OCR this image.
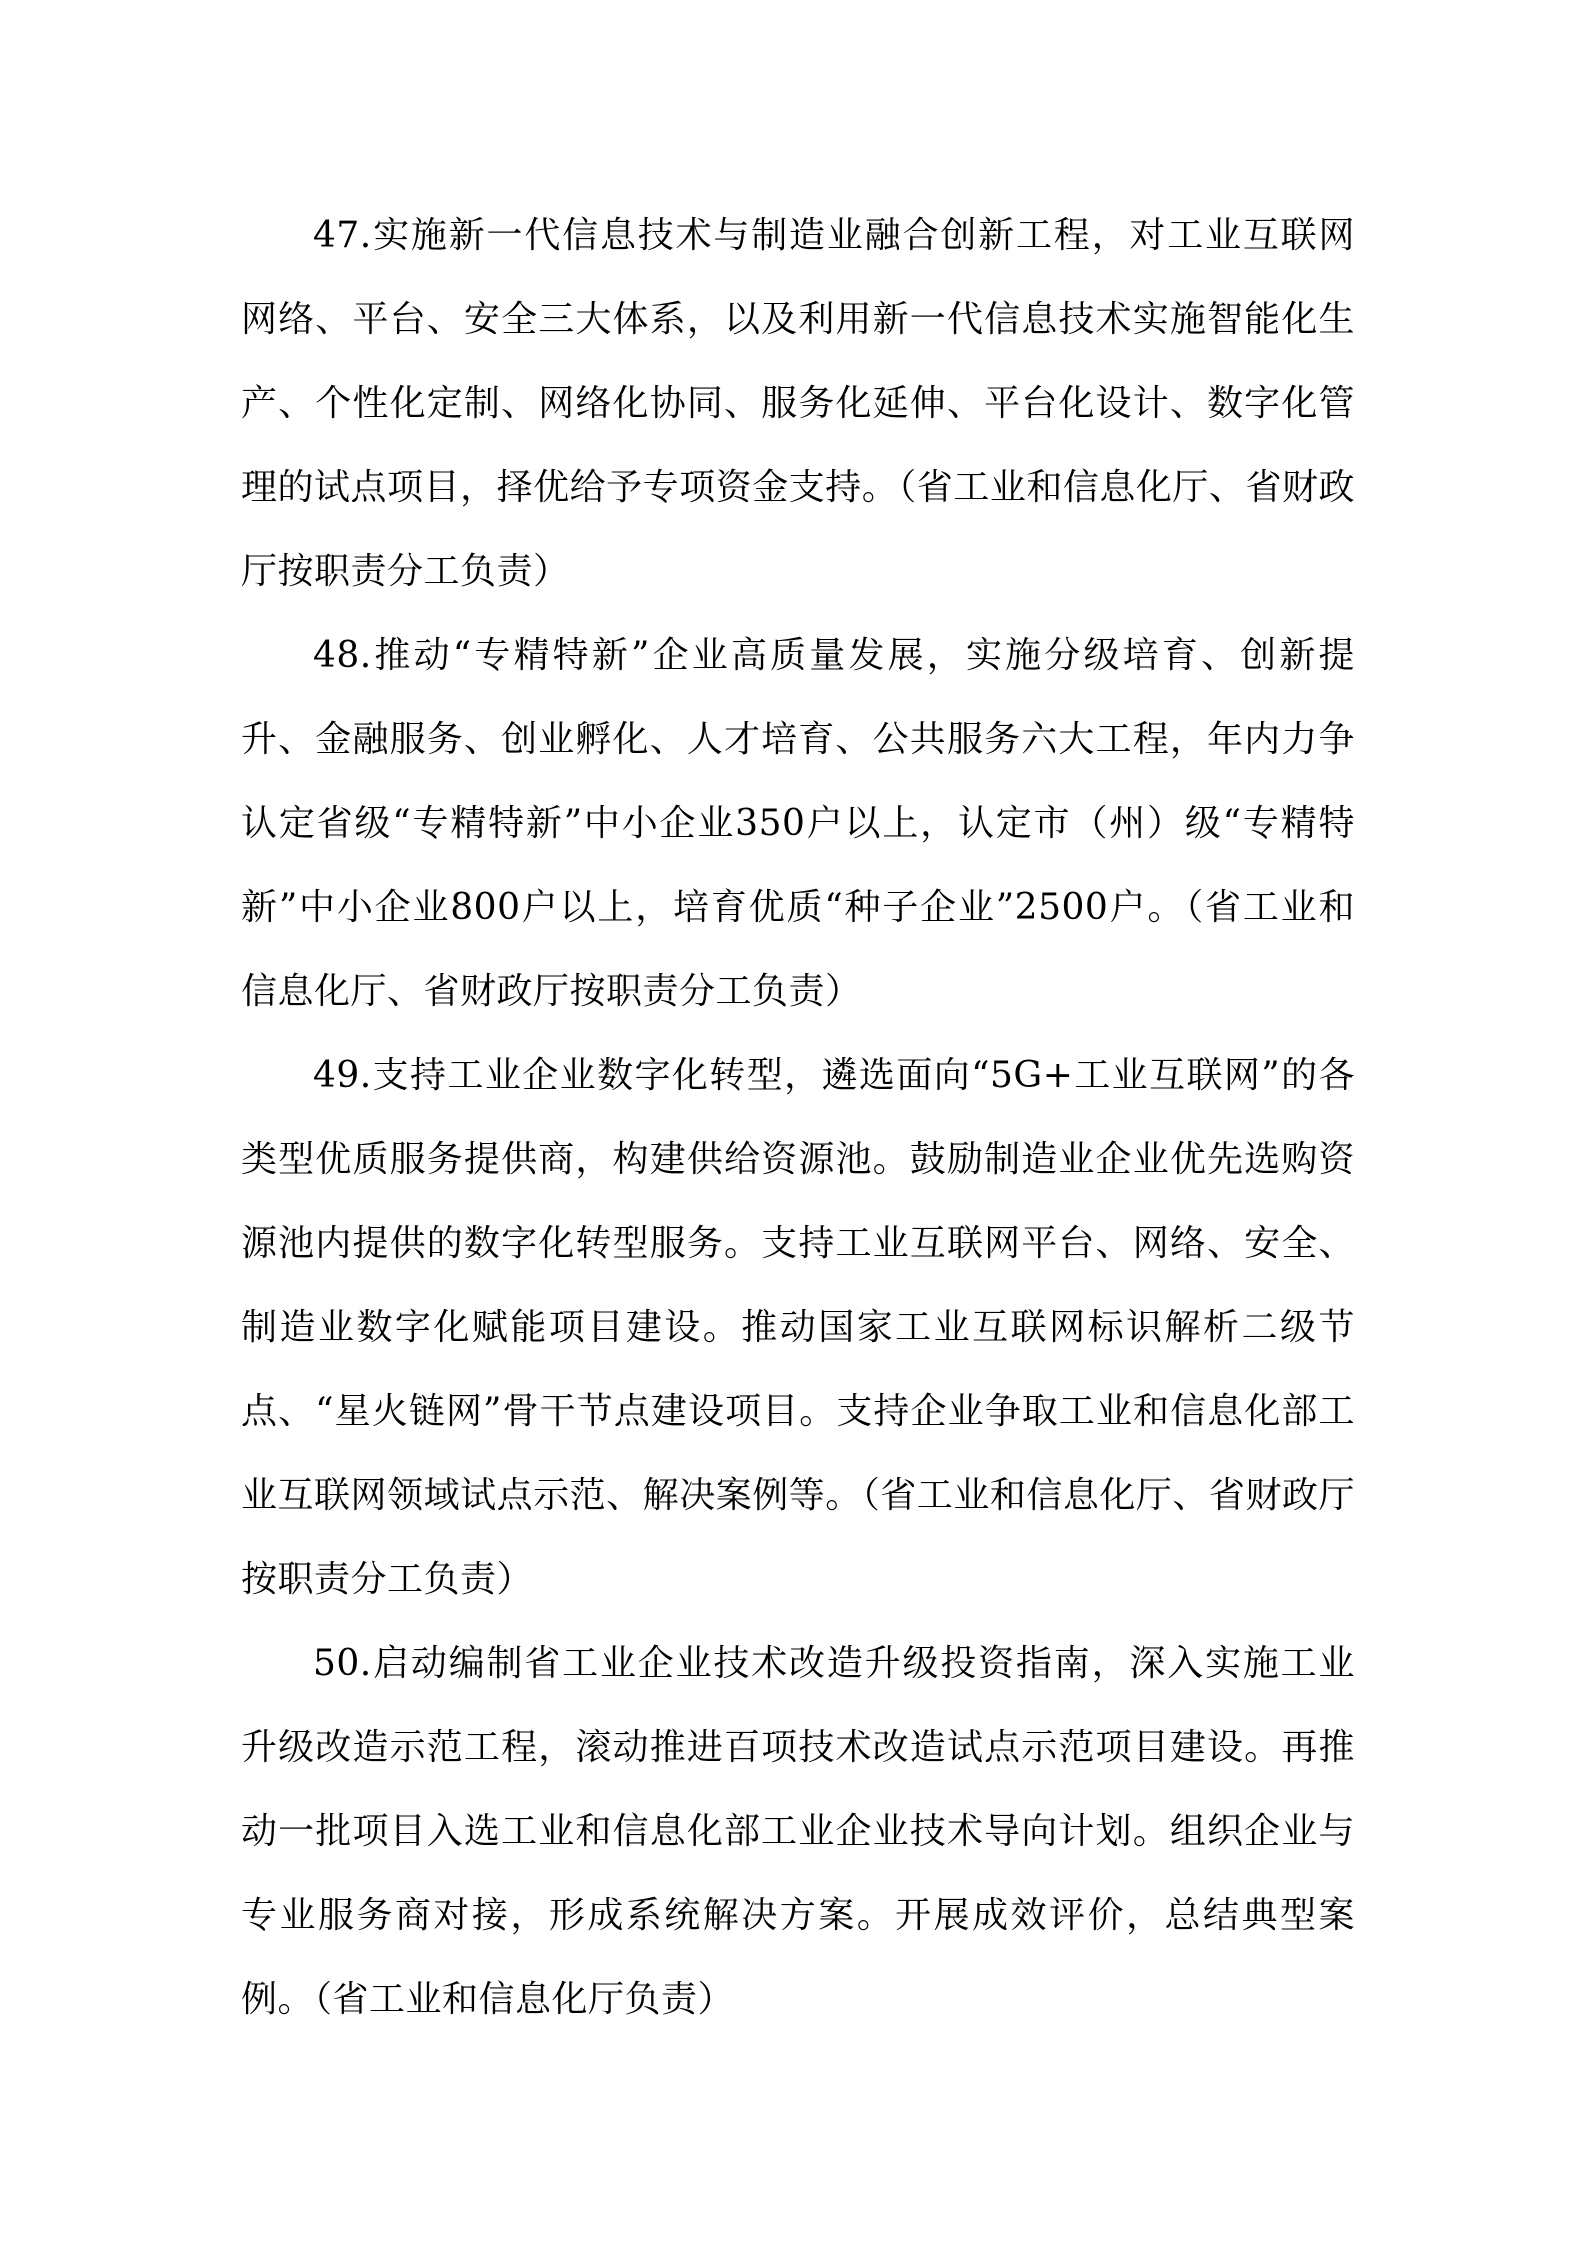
47.实施新一代信息技术与制造业融合创新工程，对工业互联网网络、平台、安全三大体系，以及利用新一代信息技术实施智能化生产、个性化定制、网络化协同、服务化延伸、平台化设计、数字化管理的试点项目，择优给予专项资金支持。（省工业和信息化厅、省财政厅按职责分工负责）

48.推动“专精特新”企业高质量发展，实施分级培育、创新提升、金融服务、创业孵化、人才培育、公共服务六大工程，年内力争认定省级“专精特新”中小企业350户以上，认定市（州）级“专精特新”中小企业800户以上，培育优质“种子企业”2500户。（省工业和信息化厅、省财政厅按职责分工负责）

49.支持工业企业数字化转型，遴选面向“5G+工业互联网”的各类型优质服务提供商，构建供给资源池。鼓励制造业企业优先选购资源池内提供的数字化转型服务。支持工业互联网平台、网络、安全、制造业数字化赋能项目建设。推动国家工业互联网标识解析二级节点、“星火链网”骨干节点建设项目。支持企业争取工业和信息化部工业互联网领域试点示范、解决案例等。（省工业和信息化厅、省财政厅按职责分工负责）

50.启动编制省工业企业技术改造升级投资指南，深入实施工业升级改造示范工程，滚动推进百项技术改造试点示范项目建设。再推动一批项目入选工业和信息化部工业企业技术导向计划。组织企业与专业服务商对接，形成系统解决方案。开展成效评价，总结典型案例。（省工业和信息化厅负责）
